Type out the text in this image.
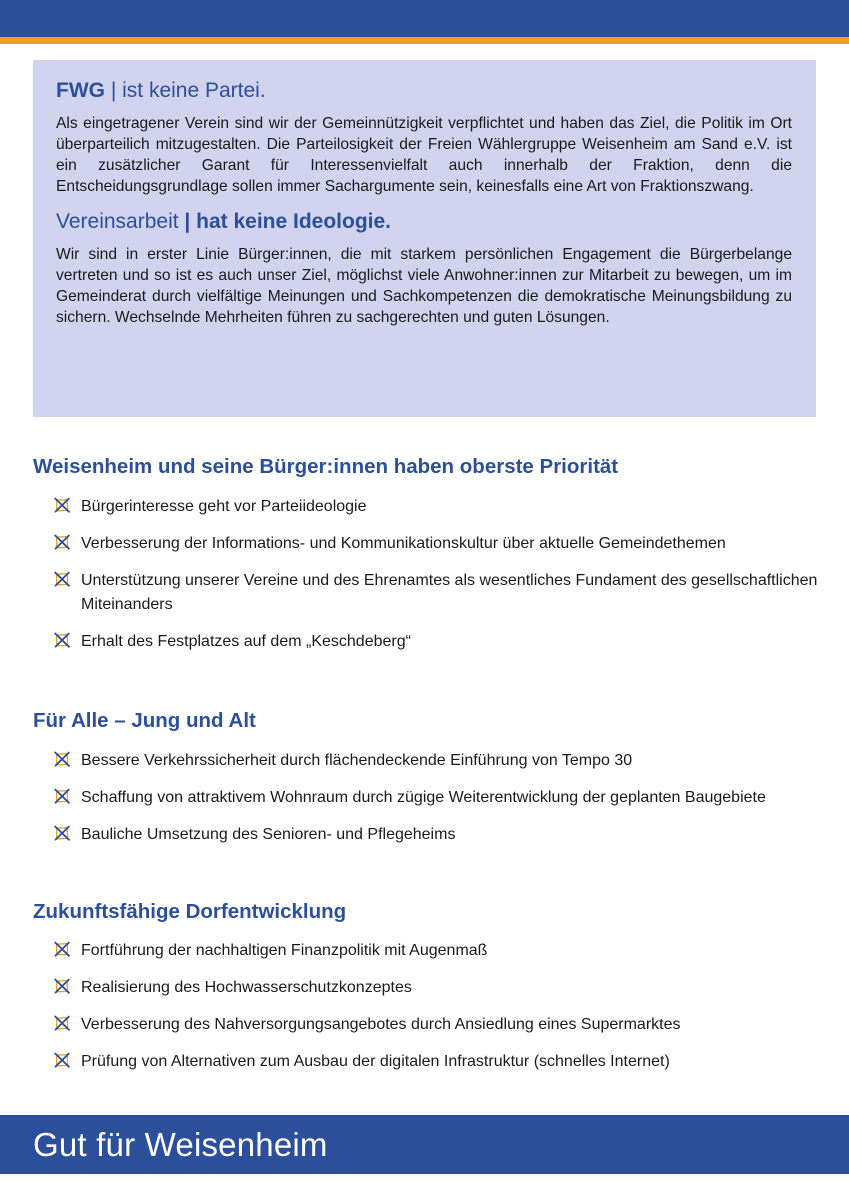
FWG | ist keine Partei.

Als eingetragener Verein sind wir der Gemeinnützigkeit verpflichtet und haben das Ziel, die Politik im Ort überparteilich mitzugestalten. Die Parteilosigkeit der Freien Wählergruppe Weisenheim am Sand e.V. ist ein zusätzlicher Garant für Interessenvielfalt auch innerhalb der Fraktion, denn die Entscheidungsgrundlage sollen immer Sachargumente sein, keinesfalls eine Art von Fraktionszwang.

Vereinsarbeit | hat keine Ideologie.

Wir sind in erster Linie Bürger:innen, die mit starkem persönlichen Engagement die Bürgerbelange vertreten und so ist es auch unser Ziel, möglichst viele Anwohner:innen zur Mitarbeit zu bewegen, um im Gemeinderat durch vielfältige Meinungen und Sachkompetenzen die demokratische Meinungsbildung zu sichern. Wechselnde Mehrheiten führen zu sachgerechten und guten Lösungen.

Weisenheim und seine Bürger:innen haben oberste Priorität
Bürgerinteresse geht vor Parteiideologie
Verbesserung der Informations- und Kommunikationskultur über aktuelle Gemeindethemen
Unterstützung unserer Vereine und des Ehrenamtes als wesentliches Fundament des gesellschaftlichen Miteinanders
Erhalt des Festplatzes auf dem „Keschdeberg“
Für Alle – Jung und Alt
Bessere Verkehrssicherheit durch flächendeckende Einführung von Tempo 30
Schaffung von attraktivem Wohnraum durch zügige Weiterentwicklung der geplanten Baugebiete
Bauliche Umsetzung des Senioren- und Pflegeheims
Zukunftsfähige Dorfentwicklung
Fortführung der nachhaltigen Finanzpolitik mit Augenmaß
Realisierung des Hochwasserschutzkonzeptes
Verbesserung des Nahversorgungsangebotes durch Ansiedlung eines Supermarktes
Prüfung von Alternativen zum Ausbau der digitalen Infrastruktur (schnelles Internet)
Gut für Weisenheim
